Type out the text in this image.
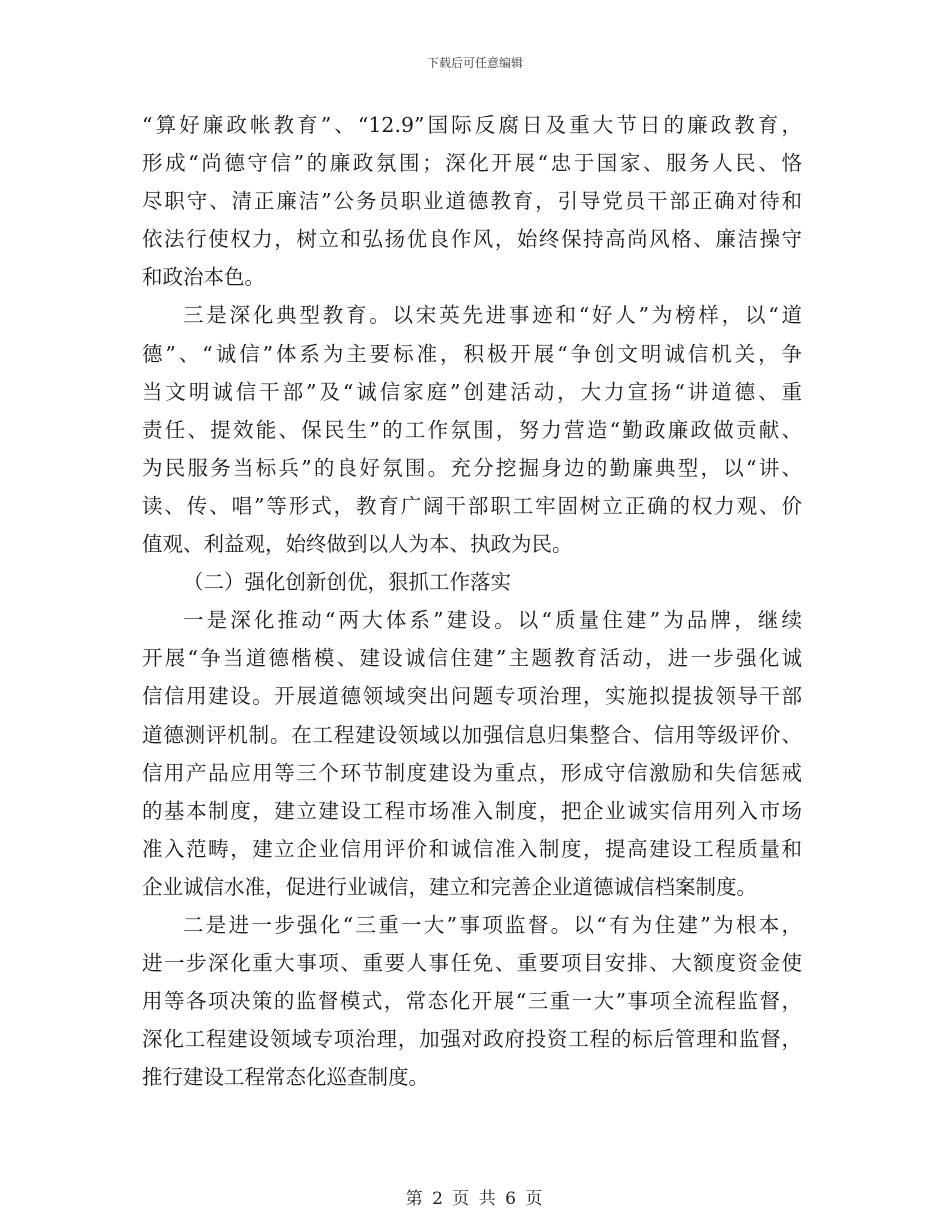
下载后可任意编辑
“算好廉政帐教育”、“12.9”国际反腐日及重大节日的廉政教育，
形成“尚德守信”的廉政氛围；深化开展“忠于国家、服务人民、恪
尽职守、清正廉洁”公务员职业道德教育，引导党员干部正确对待和
依法行使权力，树立和弘扬优良作风，始终保持高尚风格、廉洁操守
和政治本色。
三是深化典型教育。以宋英先进事迹和“好人”为榜样，以“道
德”、“诚信”体系为主要标准，积极开展“争创文明诚信机关，争
当文明诚信干部”及“诚信家庭”创建活动，大力宣扬“讲道德、重
责任、提效能、保民生”的工作氛围，努力营造“勤政廉政做贡献、
为民服务当标兵”的良好氛围。充分挖掘身边的勤廉典型，以“讲、
读、传、唱”等形式，教育广阔干部职工牢固树立正确的权力观、价
值观、利益观，始终做到以人为本、执政为民。
（二）强化创新创优，狠抓工作落实
一是深化推动“两大体系”建设。以“质量住建”为品牌，继续
开展“争当道德楷模、建设诚信住建”主题教育活动，进一步强化诚
信信用建设。开展道德领域突出问题专项治理，实施拟提拔领导干部
道德测评机制。在工程建设领域以加强信息归集整合、信用等级评价、
信用产品应用等三个环节制度建设为重点，形成守信激励和失信惩戒
的基本制度，建立建设工程市场准入制度，把企业诚实信用列入市场
准入范畴，建立企业信用评价和诚信准入制度，提高建设工程质量和
企业诚信水准，促进行业诚信，建立和完善企业道德诚信档案制度。
二是进一步强化“三重一大”事项监督。以“有为住建”为根本，
进一步深化重大事项、重要人事任免、重要项目安排、大额度资金使
用等各项决策的监督模式，常态化开展“三重一大”事项全流程监督，
深化工程建设领域专项治理，加强对政府投资工程的标后管理和监督，
推行建设工程常态化巡查制度。
第 2 页 共 6 页
